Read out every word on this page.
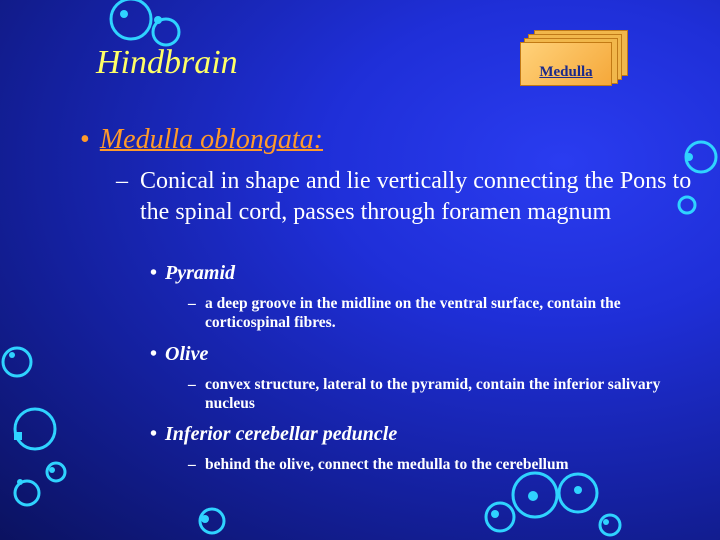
Hindbrain	Medulla
• Medulla oblongata:
– Conical in shape and lie vertically connecting the Pons to the spinal cord, passes through foramen magnum
• Pyramid
– a deep groove in the midline on the ventral surface, contain the corticospinal fibres.
• Olive
– convex structure, lateral to the pyramid, contain the inferior salivary nucleus
• Inferior cerebellar peduncle
– behind the olive, connect the medulla to the cerebellum
